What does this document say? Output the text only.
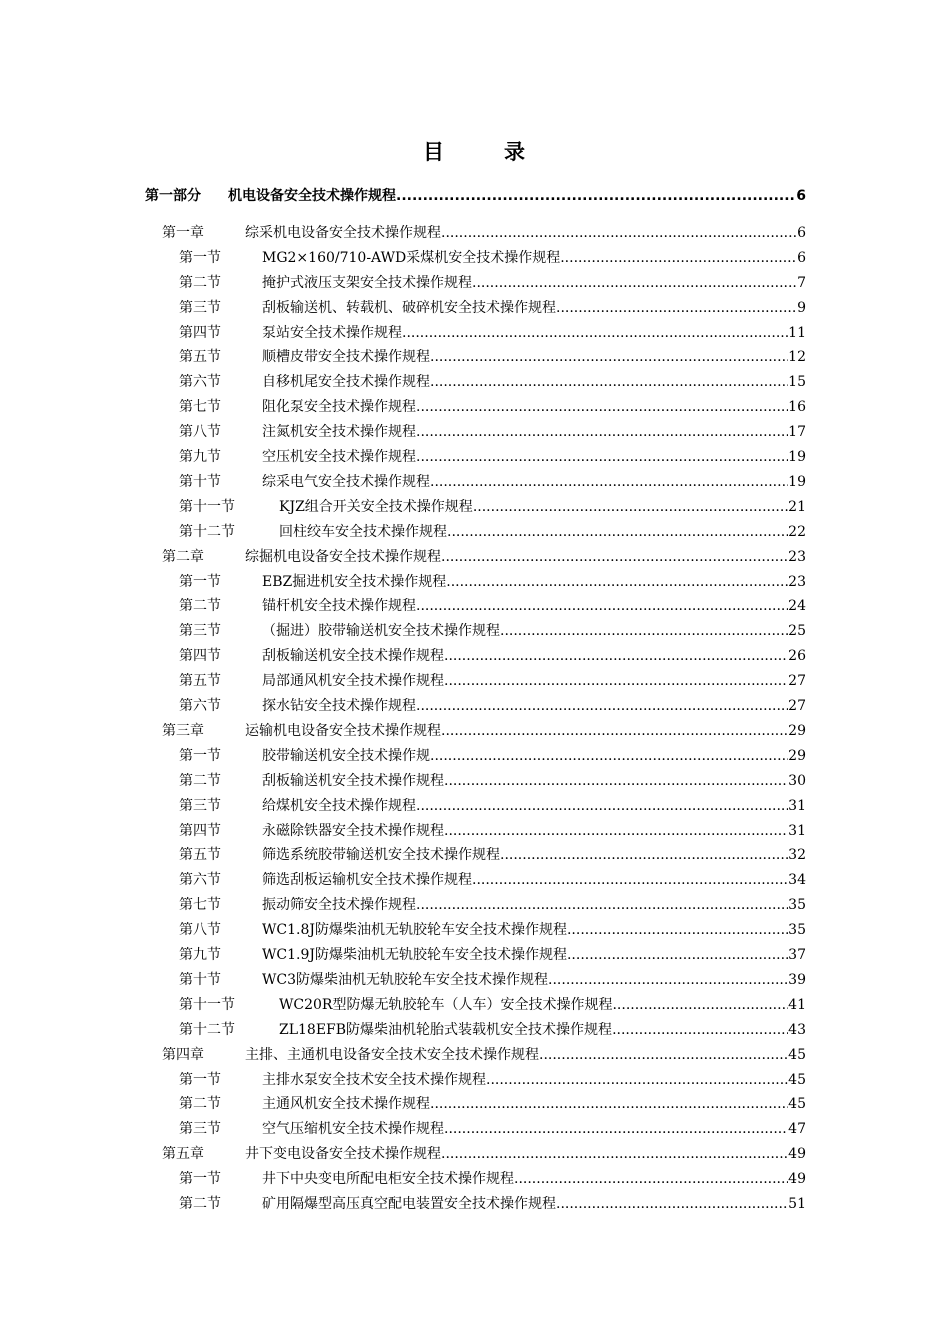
目	录
第一部分 机电设备安全技术操作规程 .....	6
第一章	综采机电设备安全技术操作规程 .....	6
第一节	MG2×160/710-AWD采煤机安全技术操作规程 .....	6
第二节	掩护式液压支架安全技术操作规程 .....	7
第三节	刮板输送机、转载机、破碎机安全技术操作规程 .....	9
第四节	泵站安全技术操作规程 .....	11
第五节	顺槽皮带安全技术操作规程 .....	12
第六节	自移机尾安全技术操作规程 .....	15
第七节	阻化泵安全技术操作规程 .....	16
第八节	注氮机安全技术操作规程 .....	17
第九节	空压机安全技术操作规程 .....	19
第十节	综采电气安全技术操作规程 .....	19
第十一节	KJZ组合开关安全技术操作规程 .....	21
第十二节	回柱绞车安全技术操作规程 .....	22
第二章	综掘机电设备安全技术操作规程 .....	23
第一节	EBZ掘进机安全技术操作规程 .....	23
第二节	锚杆机安全技术操作规程 .....	24
第三节	（掘进）胶带输送机安全技术操作规程 .....	25
第四节	刮板输送机安全技术操作规程 .....	26
第五节	局部通风机安全技术操作规程 .....	27
第六节	探水钻安全技术操作规程 .....	27
第三章	运输机电设备安全技术操作规程 .....	29
第一节	胶带输送机安全技术操作规 .....	29
第二节	刮板输送机安全技术操作规程 .....	30
第三节	给煤机安全技术操作规程 .....	31
第四节	永磁除铁器安全技术操作规程 .....	31
第五节	筛选系统胶带输送机安全技术操作规程 .....	32
第六节	筛选刮板运输机安全技术操作规程 .....	34
第七节	振动筛安全技术操作规程 .....	35
第八节	WC1.8J防爆柴油机无轨胶轮车安全技术操作规程 .....	35
第九节	WC1.9J防爆柴油机无轨胶轮车安全技术操作规程 .....	37
第十节	WC3防爆柴油机无轨胶轮车安全技术操作规程 .....	39
第十一节	WC20R型防爆无轨胶轮车（人车）安全技术操作规程 .....	41
第十二节	ZL18EFB防爆柴油机轮胎式装载机安全技术操作规程 .....	43
第四章	主排、主通机电设备安全技术安全技术操作规程 .....	45
第一节	主排水泵安全技术安全技术操作规程 .....	45
第二节	主通风机安全技术操作规程 .....	45
第三节	空气压缩机安全技术操作规程 .....	47
第五章	井下变电设备安全技术操作规程 .....	49
第一节	井下中央变电所配电柜安全技术操作规程 .....	49
第二节	矿用隔爆型高压真空配电装置安全技术操作规程 .....	51
